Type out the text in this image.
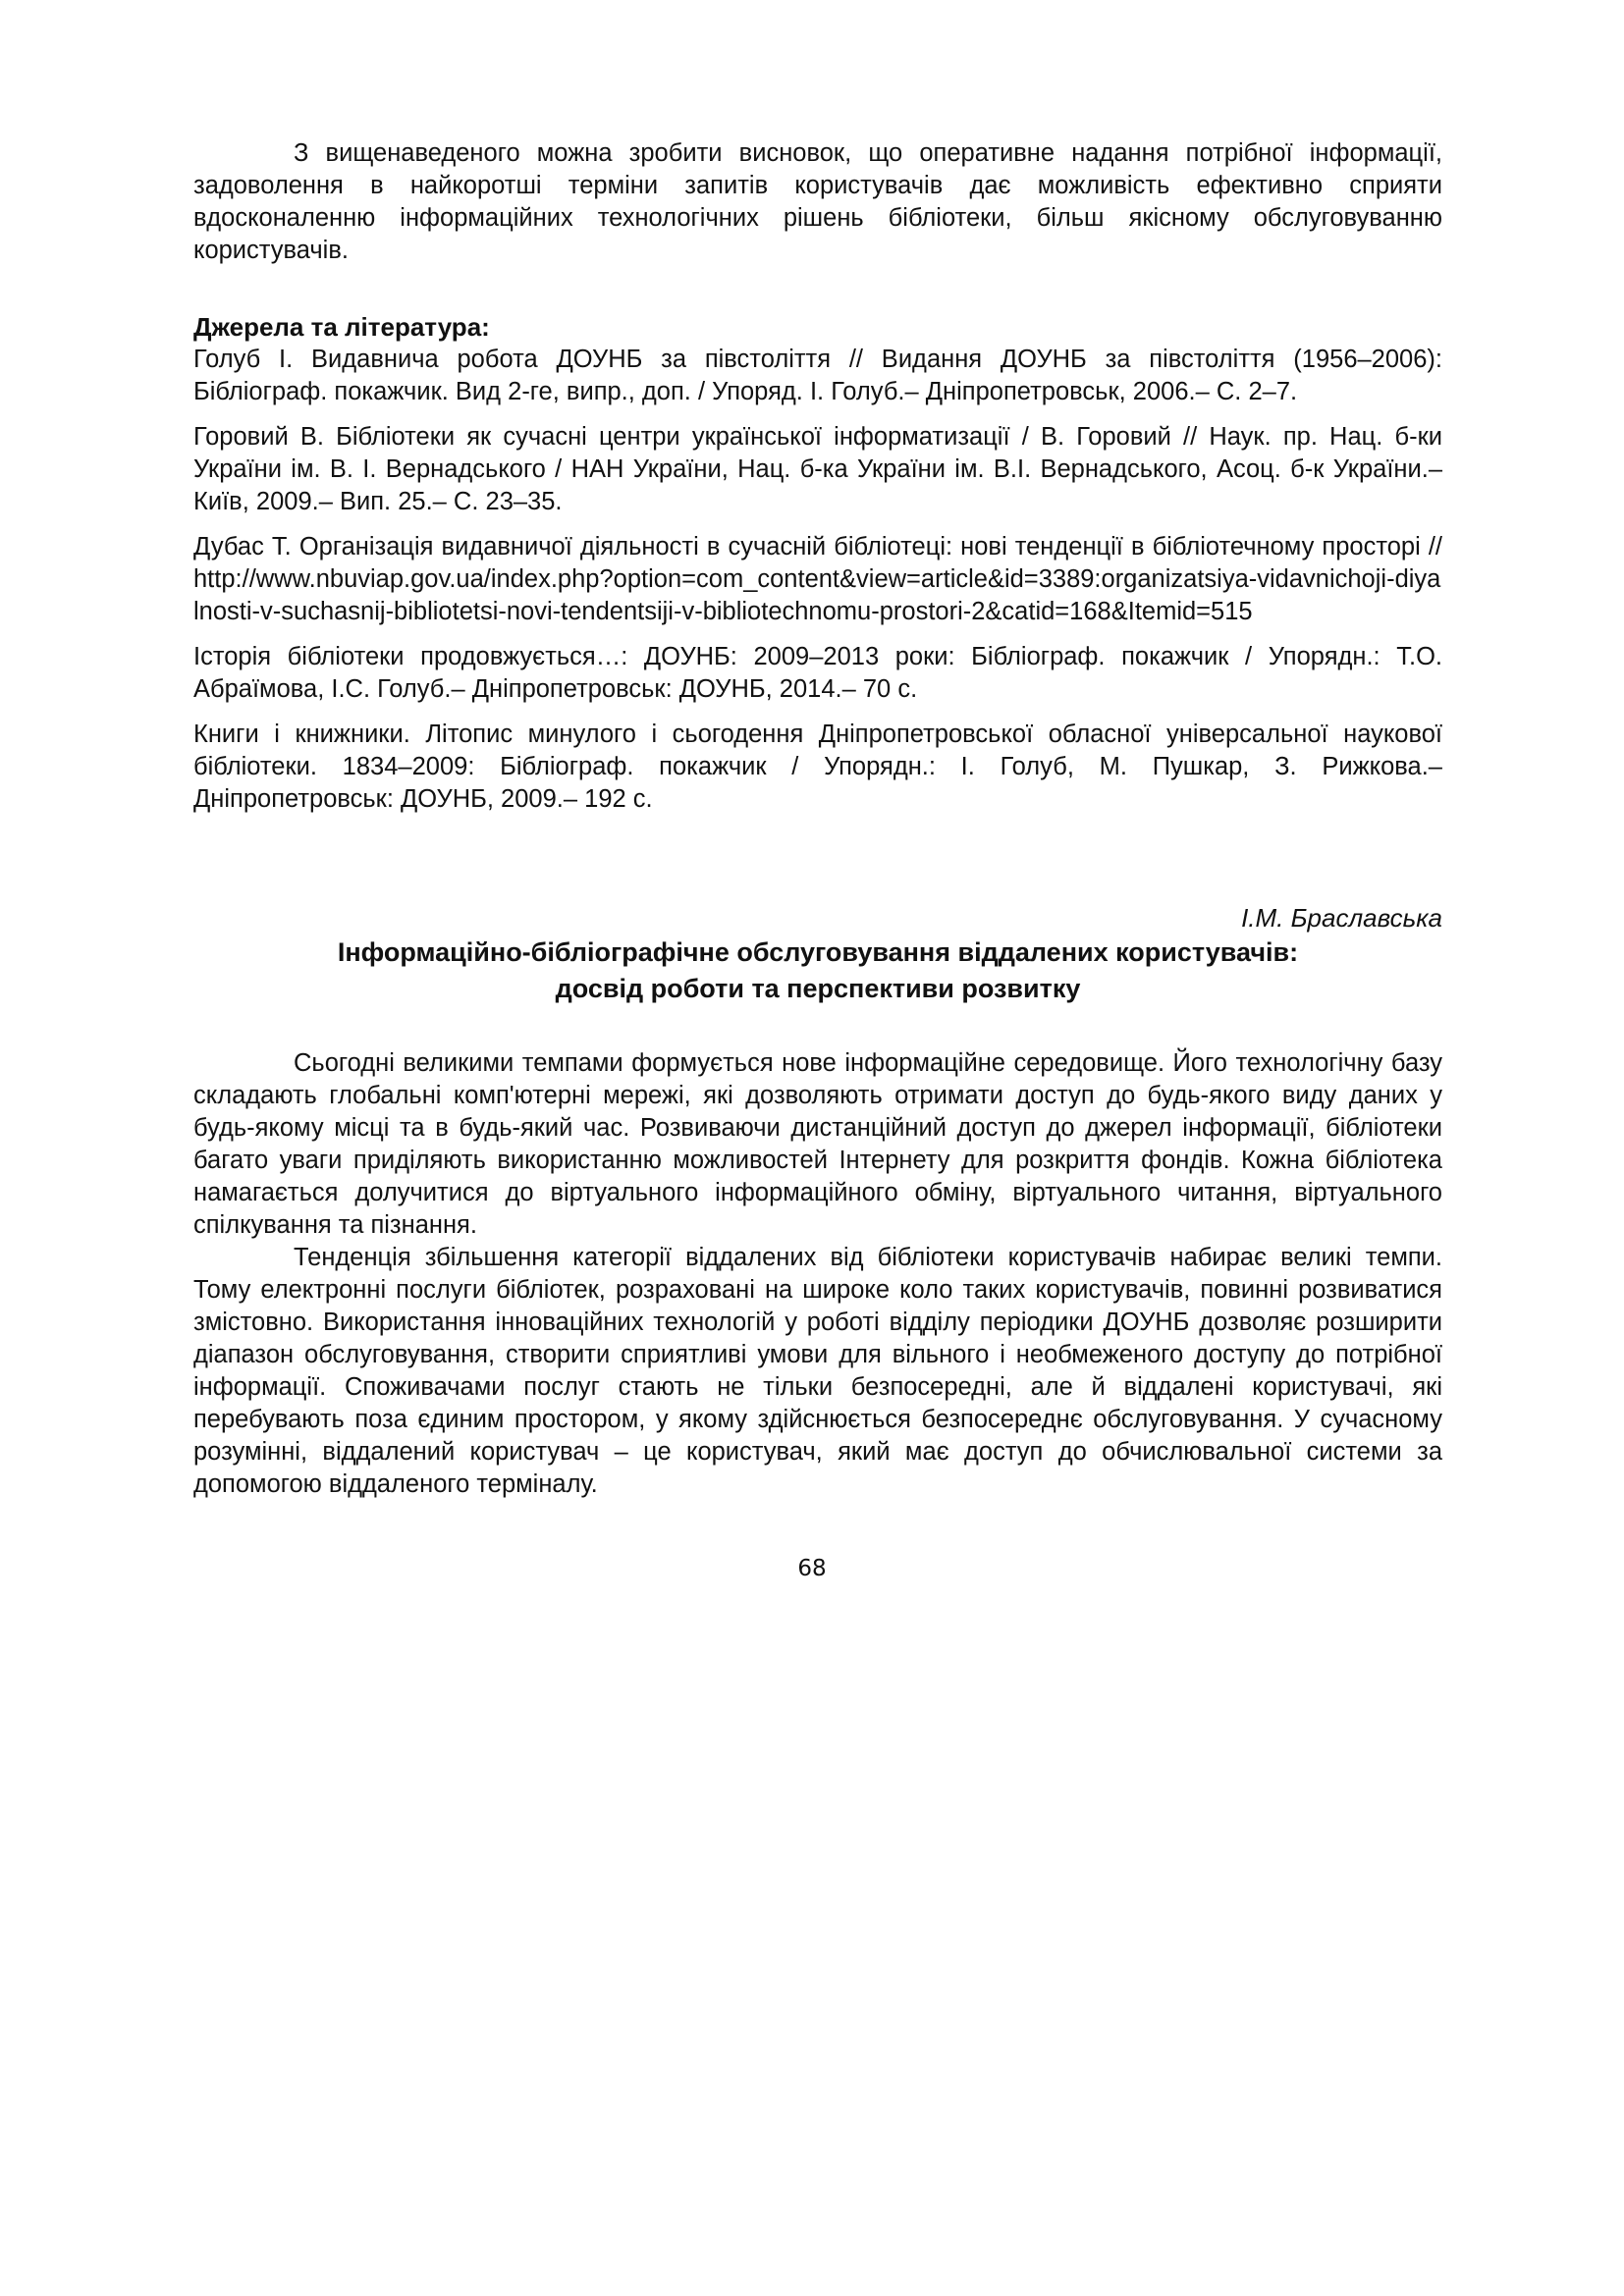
З вищенаведеного можна зробити висновок, що оперативне надання потрібної інформації, задоволення в найкоротші терміни запитів користувачів дає можливість ефективно сприяти вдосконаленню інформаційних технологічних рішень бібліотеки, більш якісному обслуговуванню користувачів.

Джерела та література:

Голуб І. Видавнича робота ДОУНБ за півстоліття // Видання ДОУНБ за півстоліття (1956–2006): Бібліограф. покажчик. Вид 2-ге, випр., доп. / Упоряд. І. Голуб.– Дніпропетровськ, 2006.– С. 2–7.

Горовий В. Бібліотеки як сучасні центри української інформатизації / В. Горовий // Наук. пр. Нац. б-ки України ім. В. І. Вернадського / НАН України, Нац. б-ка України ім. В.І. Вернадського, Асоц. б-к України.– Київ, 2009.– Вип. 25.– С. 23–35.

Дубас Т. Організація видавничої діяльності в сучасній бібліотеці: нові тенденції в бібліотечному просторі // http://www.nbuviap.gov.ua/index.php?option=com_content&view=article&id=3389:organizatsiya-vidavnichoji-diyalnosti-v-suchasnij-bibliotetsi-novi-tendentsiji-v-bibliotechnomu-prostori-2&catid=168&Itemid=515

Історія бібліотеки продовжується…: ДОУНБ: 2009–2013 роки: Бібліограф. покажчик / Упорядн.: Т.О. Абраїмова, І.С. Голуб.– Дніпропетровськ: ДОУНБ, 2014.– 70 с.

Книги і книжники. Літопис минулого і сьогодення Дніпропетровської обласної універсальної наукової бібліотеки. 1834–2009: Бібліограф. покажчик / Упорядн.: І. Голуб, М. Пушкар, З. Рижкова.– Дніпропетровськ: ДОУНБ, 2009.– 192 с.

І.М. Браславська

Інформаційно-бібліографічне обслуговування віддалених користувачів:
досвід роботи та перспективи розвитку

Сьогодні великими темпами формується нове інформаційне середовище. Його технологічну базу складають глобальні комп'ютерні мережі, які дозволяють отримати доступ до будь-якого виду даних у будь-якому місці та в будь-який час. Розвиваючи дистанційний доступ до джерел інформації, бібліотеки багато уваги приділяють використанню можливостей Інтернету для розкриття фондів. Кожна бібліотека намагається долучитися до віртуального інформаційного обміну, віртуального читання, віртуального спілкування та пізнання.

Тенденція збільшення категорії віддалених від бібліотеки користувачів набирає великі темпи. Тому електронні послуги бібліотек, розраховані на широке коло таких користувачів, повинні розвиватися змістовно. Використання інноваційних технологій у роботі відділу періодики ДОУНБ дозволяє розширити діапазон обслуговування, створити сприятливі умови для вільного і необмеженого доступу до потрібної інформації. Споживачами послуг стають не тільки безпосередні, але й віддалені користувачі, які перебувають поза єдиним простором, у якому здійснюється безпосереднє обслуговування. У сучасному розумінні, віддалений користувач – це користувач, який має доступ до обчислювальної системи за допомогою віддаленого терміналу.

68
